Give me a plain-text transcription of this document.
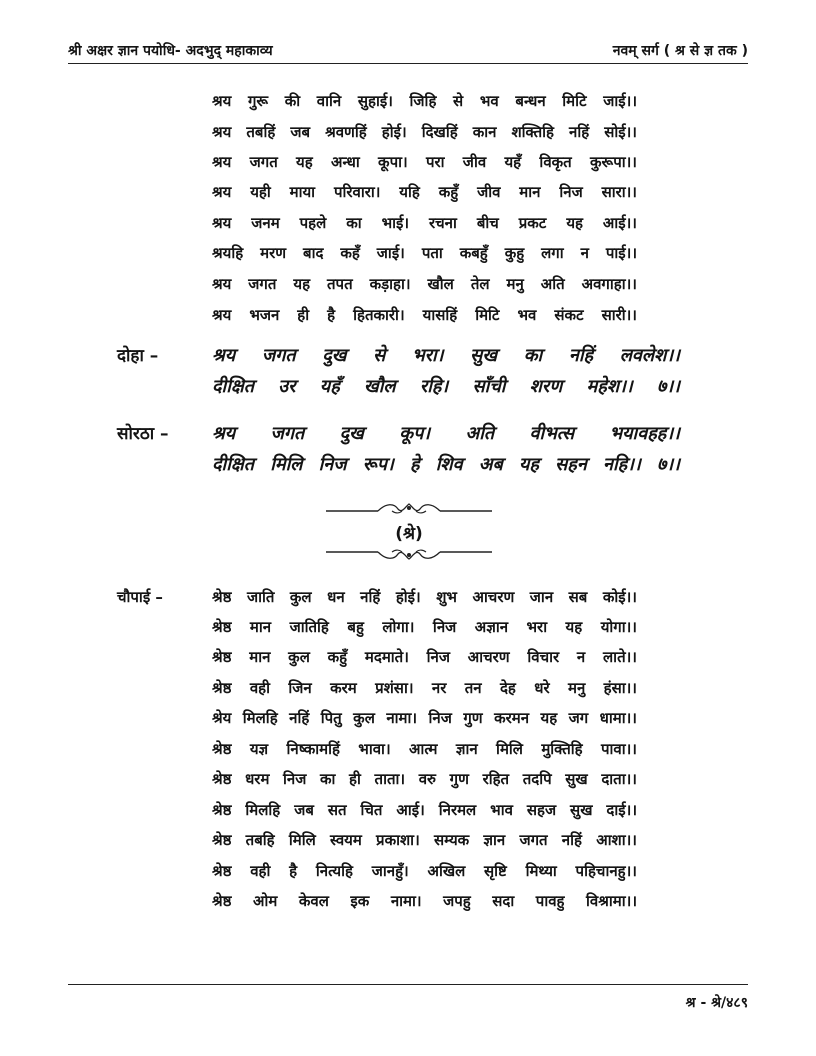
श्री अक्षर ज्ञान पयोधि- अदभुद् महाकाव्य	नवम् सर्ग ( श्र से ज्ञ तक )
श्रय गुरू की वानि सुहाई। जिहि से भव बन्धन मिटि जाई।।
श्रय तबहिं जब श्रवणहिं होई। दिखहिं कान शक्तिहि नहिं सोई।।
श्रय जगत यह अन्धा कूपा। परा जीव यहँ विकृत कुरूपा।।
श्रय यही माया परिवारा। यहि कहुँ जीव मान निज सारा।।
श्रय जनम पहले का भाई। रचना बीच प्रकट यह आई।।
श्रयहि मरण बाद कहँ जाई। पता कबहुँ कुहु लगा न पाई।।
श्रय जगत यह तपत कड़ाहा। खौल तेल मनु अति अवगाहा।।
श्रय भजन ही है हितकारी। यासहिं मिटि भव संकट सारी।।
दोहा –	श्रय जगत दुख से भरा। सुख का नहिं लवलेश।।
दीक्षित उर यहँ खौल रहि। साँची शरण महेश।। ७।।
सोरठा – श्रय जगत दुख कूप। अति वीभत्स भयावहह।।
दीक्षित मिलि निज रूप। हे शिव अब यह सहन नहि।। ७।।
(श्रे)
चौपाई –	श्रेष्ठ जाति कुल धन नहिं होई। शुभ आचरण जान सब कोई।।
श्रेष्ठ मान जातिहि बहु लोगा। निज अज्ञान भरा यह योगा।।
श्रेष्ठ मान कुल कहुँ मदमाते। निज आचरण विचार न लाते।।
श्रेष्ठ वही जिन करम प्रशंसा। नर तन देह धरे मनु हंसा।।
श्रेय मिलहि नहिं पितु कुल नामा। निज गुण करमन यह जग धामा।।
श्रेष्ठ यज्ञ निष्कामहिं भावा। आत्म ज्ञान मिलि मुक्तिहि पावा।।
श्रेष्ठ धरम निज का ही ताता। वरु गुण रहित तदपि सुख दाता।।
श्रेष्ठ मिलहि जब सत चित आई। निरमल भाव सहज सुख दाई।।
श्रेष्ठ तबहि मिलि स्वयम प्रकाशा। सम्यक ज्ञान जगत नहिं आशा।।
श्रेष्ठ वही है नित्यहि जानहुँ। अखिल सृष्टि मिथ्या पहिचानहु।।
श्रेष्ठ ओम केवल इक नामा। जपहु सदा पावहु विश्रामा।।
श्र - श्रे/४८९
